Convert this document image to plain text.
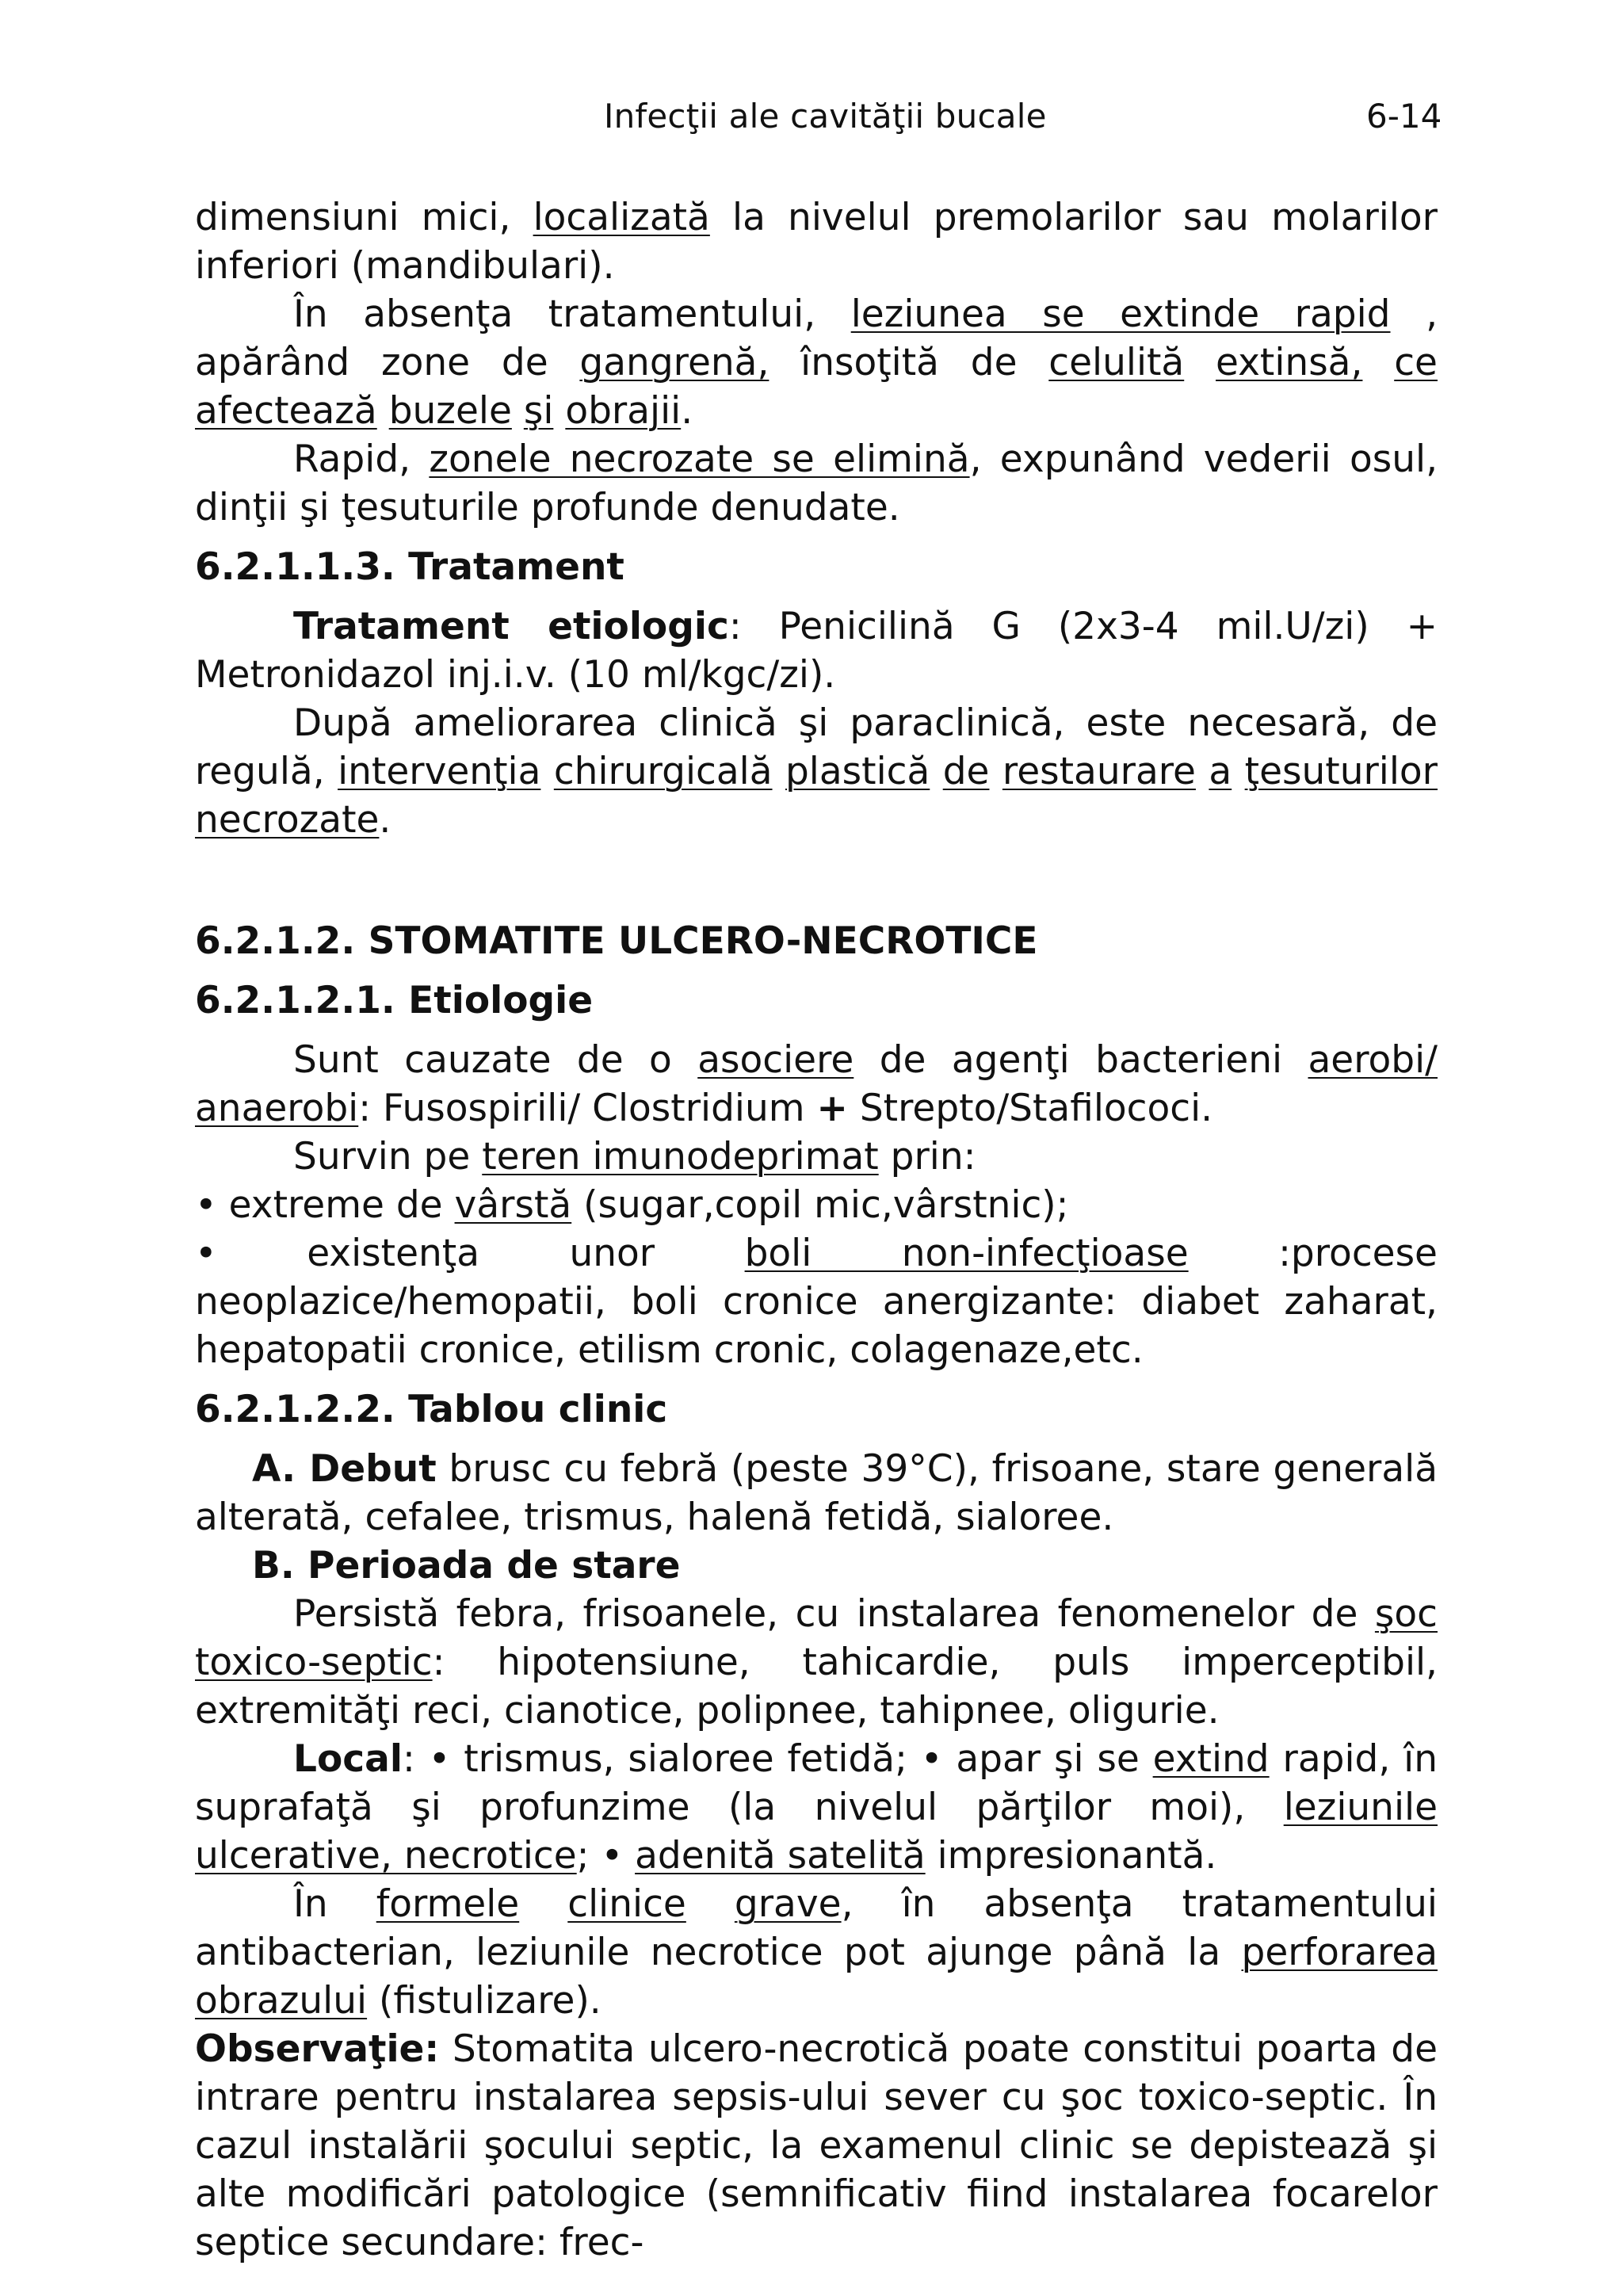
Infecţii ale cavităţii bucale	6-14

dimensiuni mici, localizată la nivelul premolarilor sau molarilor inferiori (mandibulari).

În absenţa tratamentului, leziunea se extinde rapid , apărând zone de gangrenă, însoţită de celulită extinsă, ce afectează buzele şi obrajii.

Rapid, zonele necrozate se elimină, expunând vederii osul, dinţii şi ţesuturile profunde denudate.

6.2.1.1.3. Tratament

Tratament etiologic: Penicilină G (2x3-4 mil.U/zi) + Metronidazol inj.i.v. (10 ml/kgc/zi).

După ameliorarea clinică şi paraclinică, este necesară, de regulă, intervenţia chirurgicală plastică de restaurare a ţesuturilor necrozate.

6.2.1.2. STOMATITE ULCERO-NECROTICE

6.2.1.2.1. Etiologie

Sunt cauzate de o asociere de agenţi bacterieni aerobi/ anaerobi: Fusospirili/ Clostridium + Strepto/Stafilococi.

Survin pe teren imunodeprimat prin:

• extreme de vârstă (sugar,copil mic,vârstnic);

• existenţa unor boli non-infecţioase :procese neoplazice/hemopatii, boli cronice anergizante: diabet zaharat, hepatopatii cronice, etilism cronic, colagenaze,etc.

6.2.1.2.2. Tablou clinic

A. Debut brusc cu febră (peste 39°C), frisoane, stare generală alterată, cefalee, trismus, halenă fetidă, sialoree.

B. Perioada de stare

Persistă febra, frisoanele, cu instalarea fenomenelor de şoc toxico-septic: hipotensiune, tahicardie, puls imperceptibil, extremităţi reci, cianotice, polipnee, tahipnee, oligurie.

Local: • trismus, sialoree fetidă; • apar şi se extind rapid, în suprafaţă şi profunzime (la nivelul părţilor moi), leziunile ulcerative, necrotice; • adenită satelită impresionantă.

În formele clinice grave, în absenţa tratamentului antibacterian, leziunile necrotice pot ajunge până la perforarea obrazului (fistulizare).

Observaţie: Stomatita ulcero-necrotică poate constitui poarta de intrare pentru instalarea sepsis-ului sever cu şoc toxico-septic. În cazul instalării şocului septic, la examenul clinic se depistează şi alte modificări patologice (semnificativ fiind instalarea focarelor septice secundare: frec-
